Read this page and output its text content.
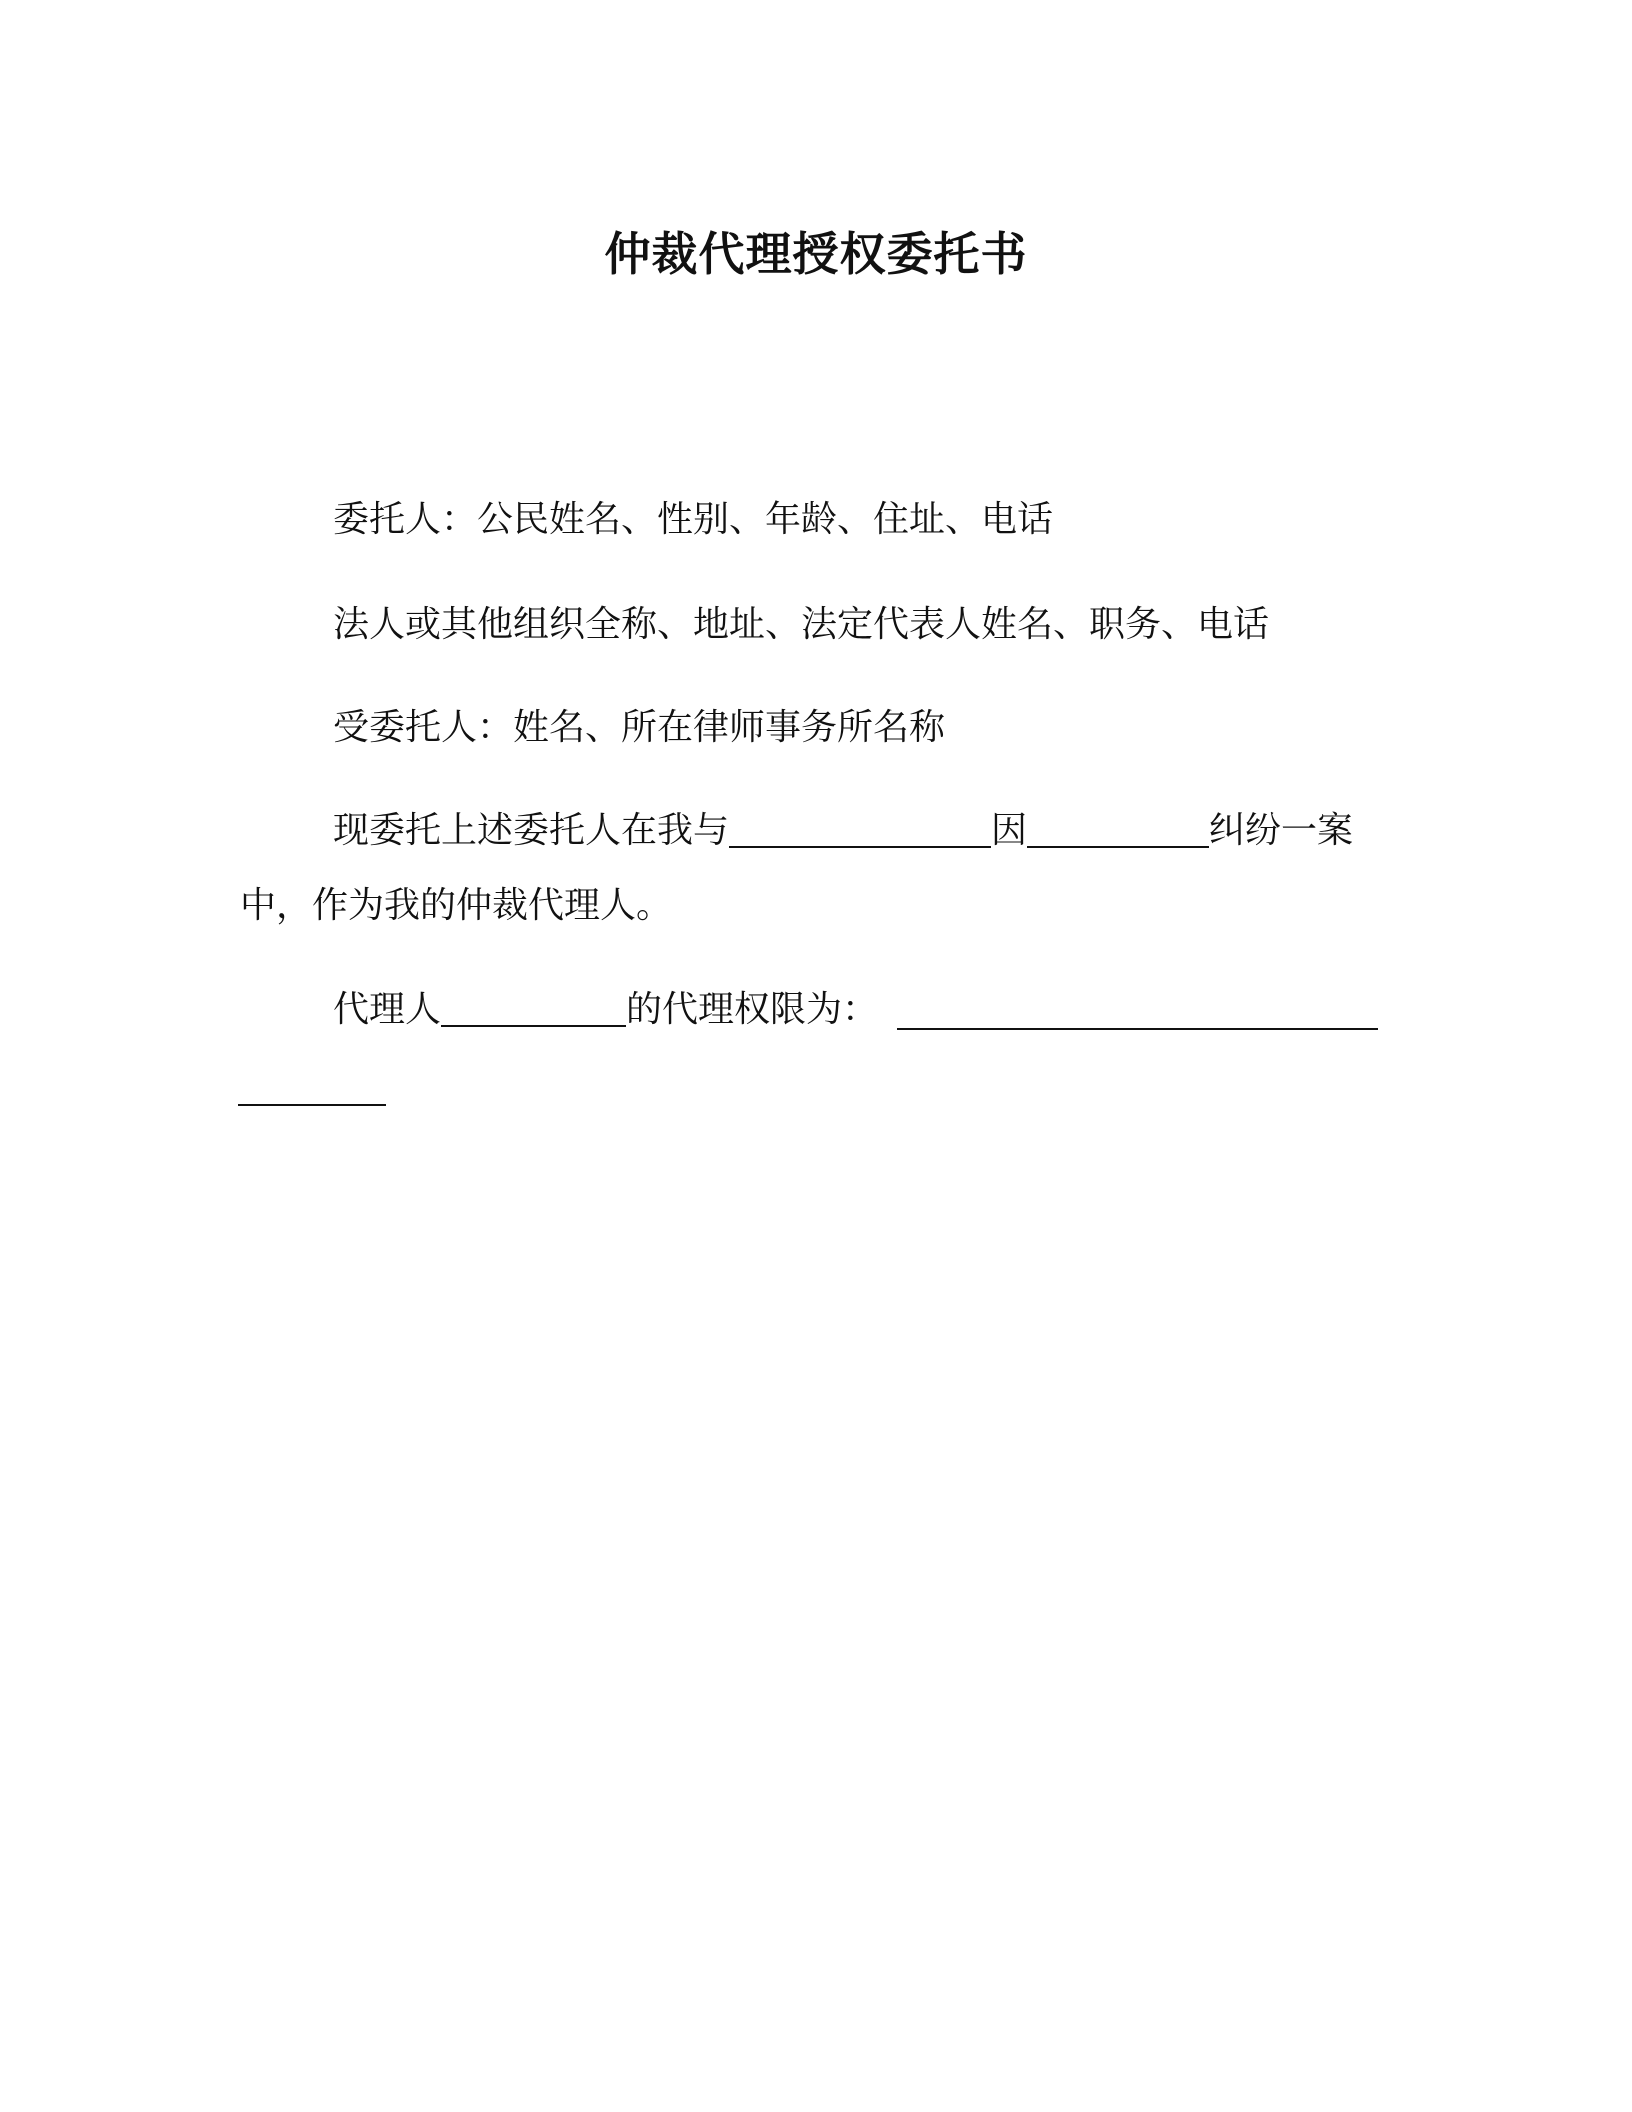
仲裁代理授权委托书
委托人：公民姓名、性别、年龄、住址、电话
法人或其他组织全称、地址、法定代表人姓名、职务、电话
受委托人：姓名、所在律师事务所名称
现委托上述委托人在我与	因	纠纷一案
中，作为我的仲裁代理人。
代理人	的代理权限为：
